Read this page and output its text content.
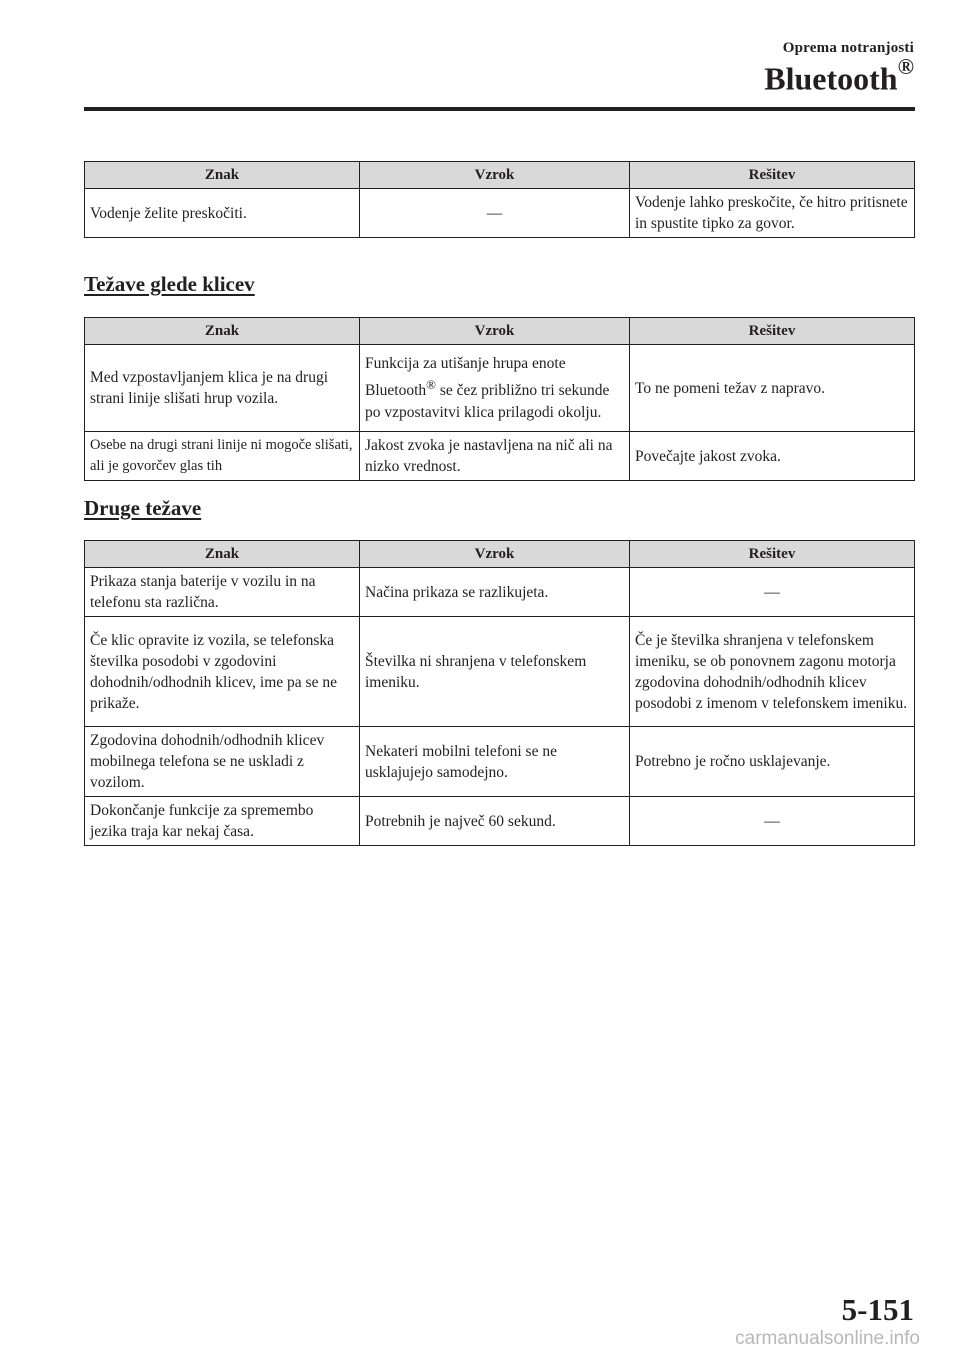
Oprema notranjosti
Bluetooth®
Znak	Vzrok	Rešitev
Vodenje želite preskočiti.	—	Vodenje lahko preskočite, če hitro pritisnete in spustite tipko za govor.
Težave glede klicev
Znak	Vzrok	Rešitev
Med vzpostavljanjem klica je na drugi strani linije slišati hrup vozila.	Funkcija za utišanje hrupa enote Bluetooth® se čez približno tri sekunde po vzpostavitvi klica prilagodi okolju.	To ne pomeni težav z napravo.
Osebe na drugi strani linije ni mogoče slišati, ali je govorčev glas tih	Jakost zvoka je nastavljena na nič ali na nizko vrednost.	Povečajte jakost zvoka.
Druge težave
Znak	Vzrok	Rešitev
Prikaza stanja baterije v vozilu in na telefonu sta različna.	Načina prikaza se razlikujeta.	—
Če klic opravite iz vozila, se telefonska številka posodobi v zgodovini dohodnih/odhodnih klicev, ime pa se ne prikaže.	Številka ni shranjena v telefonskem imeniku.	Če je številka shranjena v telefonskem imeniku, se ob ponovnem zagonu motorja zgodovina dohodnih/odhodnih klicev posodobi z imenom v telefonskem imeniku.
Zgodovina dohodnih/odhodnih klicev mobilnega telefona se ne uskladi z vozilom.	Nekateri mobilni telefoni se ne usklajujejo samodejno.	Potrebno je ročno usklajevanje.
Dokončanje funkcije za spremembo jezika traja kar nekaj časa.	Potrebnih je največ 60 sekund.	—
5-151
carmanualsonline.info
